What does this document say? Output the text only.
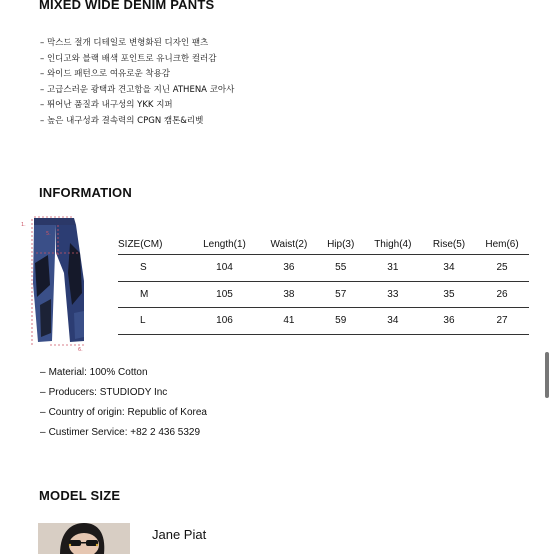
MIXED WIDE DENIM PANTS
– 막스드 절개 디테일로 변형화된 디자인 팬츠
– 인디고와 블랙 배색 포인트로 유니크한 컬러감
– 와이드 패턴으로 여유로운 착용감
– 고급스러운 광택과 견고함을 지닌 ATHENA 코아사
– 뛰어난 품질과 내구성의 YKK 지퍼
– 높은 내구성과 결속력의 CPGN 캠톤&리벳
INFORMATION
1.
5.
6.
SIZE(CM)	Length(1)	Waist(2)	Hip(3)	Thigh(4)	Rise(5)	Hem(6)
S	104	36	55	31	34	25
M	105	38	57	33	35	26
L	106	41	59	34	36	27
– Material: 100% Cotton
– Producers: STUDIODY Inc
– Country of origin: Republic of Korea
– Custimer Service: +82 2 436 5329
MODEL SIZE
Jane Piat
